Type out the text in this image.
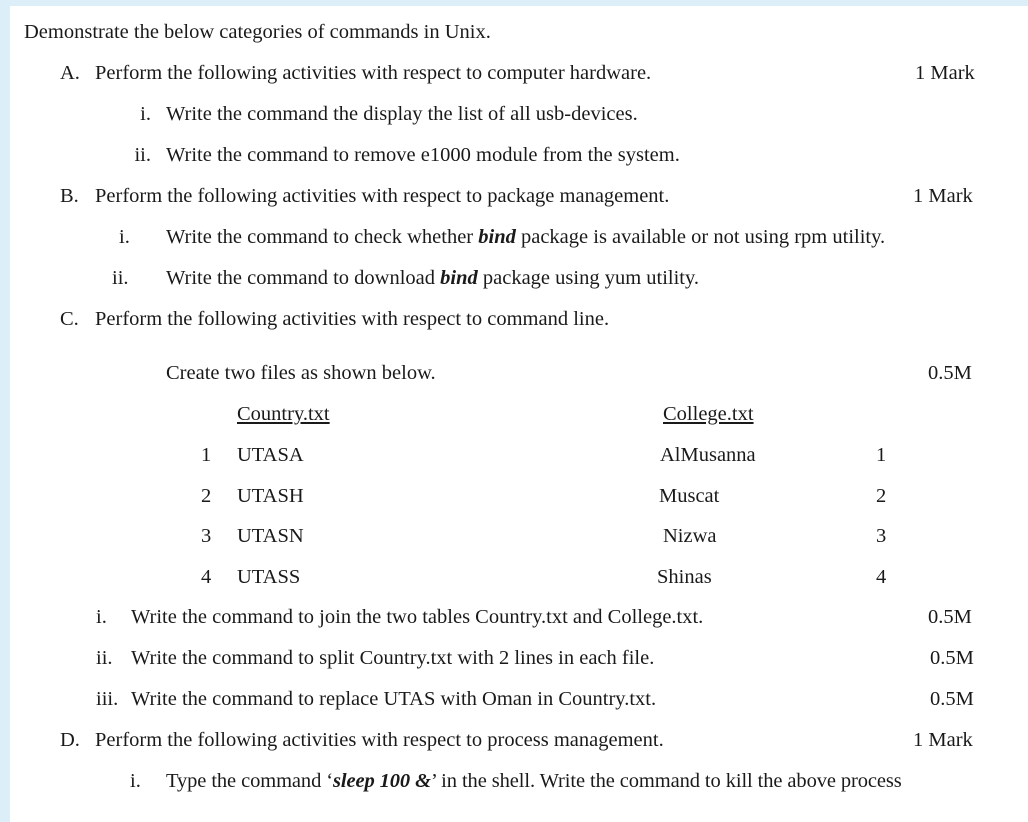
Demonstrate the below categories of commands in Unix.
A. Perform the following activities with respect to computer hardware.	1 Mark
i. Write the command the display the list of all usb-devices.
ii. Write the command to remove e1000 module from the system.
B. Perform the following activities with respect to package management.	1 Mark
i. Write the command to check whether bind package is available or not using rpm utility.
ii. Write the command to download bind package using yum utility.
C. Perform the following activities with respect to command line.
Create two files as shown below.	0.5M
Country.txt	College.txt
1 UTASA	AlMusanna	1
2 UTASH	Muscat	2
3 UTASN	Nizwa	3
4 UTASS	Shinas	4
i. Write the command to join the two tables Country.txt and College.txt.	0.5M
ii. Write the command to split Country.txt with 2 lines in each file.	0.5M
iii. Write the command to replace UTAS with Oman in Country.txt.	0.5M
D. Perform the following activities with respect to process management.	1 Mark
i. Type the command ‘sleep 100 &’ in the shell. Write the command to kill the above process
